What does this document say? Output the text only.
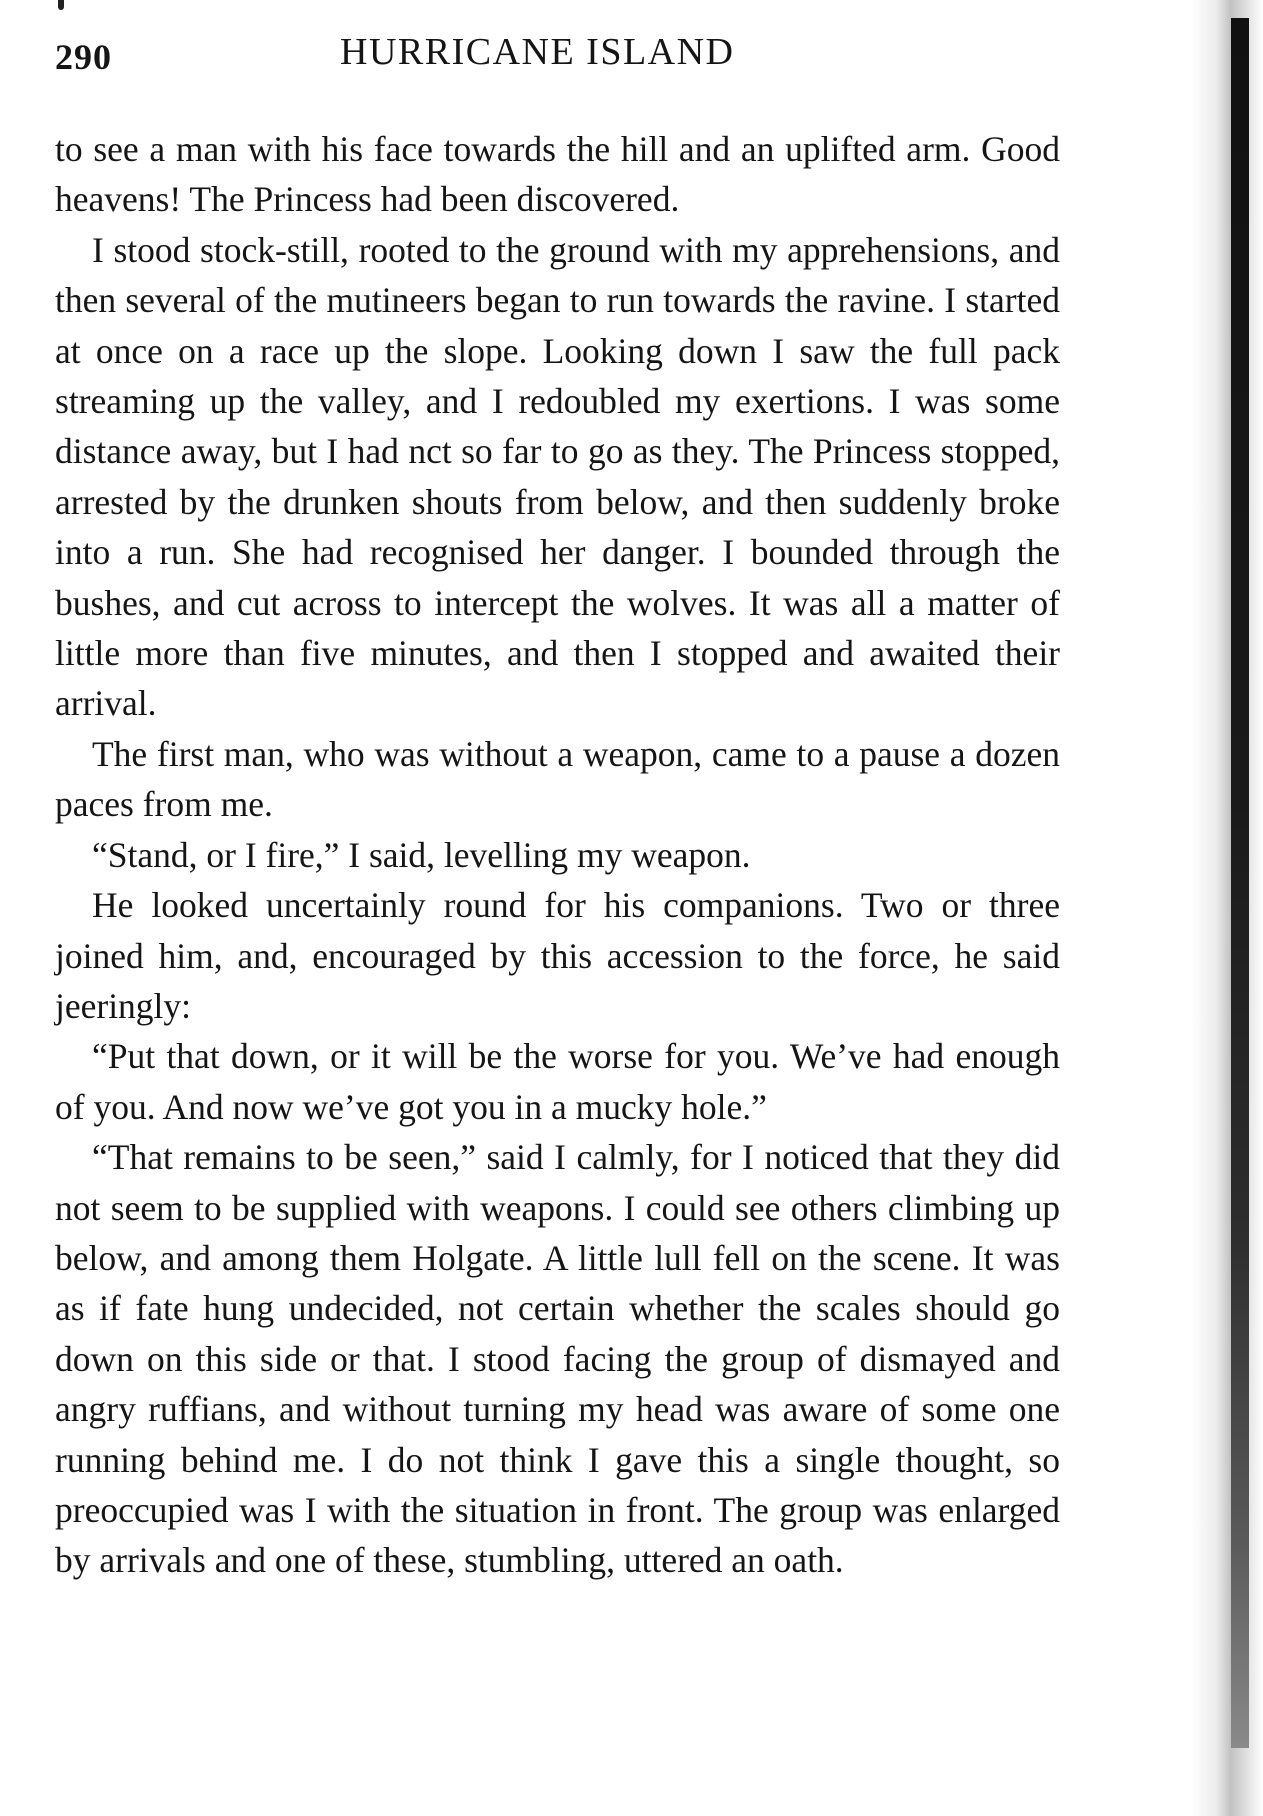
290	HURRICANE ISLAND

to see a man with his face towards the hill and an uplifted arm. Good heavens! The Princess had been discovered.

I stood stock-still, rooted to the ground with my apprehensions, and then several of the mutineers began to run towards the ravine. I started at once on a race up the slope. Looking down I saw the full pack streaming up the valley, and I redoubled my exertions. I was some distance away, but I had nct so far to go as they. The Princess stopped, arrested by the drunken shouts from below, and then suddenly broke into a run. She had recognised her danger. I bounded through the bushes, and cut across to intercept the wolves. It was all a matter of little more than five minutes, and then I stopped and awaited their arrival.

The first man, who was without a weapon, came to a pause a dozen paces from me.

“Stand, or I fire,” I said, levelling my weapon.

He looked uncertainly round for his companions. Two or three joined him, and, encouraged by this accession to the force, he said jeeringly:

“Put that down, or it will be the worse for you. We’ve had enough of you. And now we’ve got you in a mucky hole.”

“That remains to be seen,” said I calmly, for I noticed that they did not seem to be supplied with weapons. I could see others climbing up below, and among them Holgate. A little lull fell on the scene. It was as if fate hung undecided, not certain whether the scales should go down on this side or that. I stood facing the group of dismayed and angry ruffians, and without turning my head was aware of some one running behind me. I do not think I gave this a single thought, so preoccupied was I with the situation in front. The group was enlarged by arrivals and one of these, stumbling, uttered an oath.
